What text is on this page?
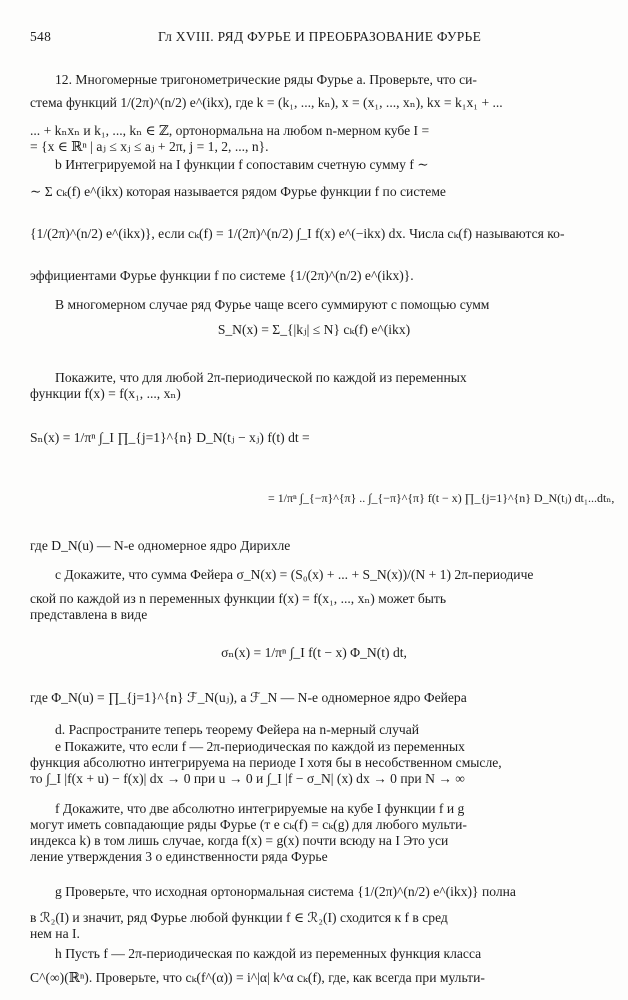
548	Гл XVIII. РЯД ФУРЬЕ И ПРЕОБРАЗОВАНИЕ ФУРЬЕ
12. Многомерные тригонометрические ряды Фурье а. Проверьте, что си-
стема функций 1/(2π)^(n/2) e^(ikx), где k = (k₁, ..., kₙ), x = (x₁, ..., xₙ), kx = k₁x₁ + ...
... + kₙxₙ и k₁, ..., kₙ ∈ ℤ, ортонормальна на любом n-мерном кубе I =
= {x ∈ ℝⁿ | aⱼ ≤ xⱼ ≤ aⱼ + 2π, j = 1, 2, ..., n}.
b Интегрируемой на I функции f сопоставим счетную сумму f ∼
∼ Σ cₖ(f) e^(ikx) которая называется рядом Фурье функции f по системе
{1/(2π)^(n/2) e^(ikx)}, если cₖ(f) = 1/(2π)^(n/2) ∫_I f(x) e^(−ikx) dx. Числа cₖ(f) называются ко-
эффициентами Фурье функции f по системе {1/(2π)^(n/2) e^(ikx)}.
В многомерном случае ряд Фурье чаще всего суммируют с помощью сумм
S_N(x) = Σ_{|kⱼ| ≤ N} cₖ(f) e^(ikx)
Покажите, что для любой 2π-периодической по каждой из переменных
функции f(x) = f(x₁, ..., xₙ)
Sₙ(x) = 1/πⁿ ∫_I ∏_{j=1}^{n} D_N(tⱼ − xⱼ) f(t) dt =
= 1/πⁿ ∫_{−π}^{π} .. ∫_{−π}^{π} f(t − x) ∏_{j=1}^{n} D_N(tⱼ) dt₁...dtₙ,
где D_N(u) — N-е одномерное ядро Дирихле
c Докажите, что сумма Фейера σ_N(x) = (S₀(x) + ... + S_N(x))/(N + 1) 2π-периодиче
ской по каждой из n переменных функции f(x) = f(x₁, ..., xₙ) может быть
представлена в виде
σₙ(x) = 1/πⁿ ∫_I f(t − x) Φ_N(t) dt,
где Φ_N(u) = ∏_{j=1}^{n} ℱ_N(uⱼ), а ℱ_N — N-е одномерное ядро Фейера
d. Распространите теперь теорему Фейера на n-мерный случай
e Покажите, что если f — 2π-периодическая по каждой из переменных
функция абсолютно интегрируема на периоде I хотя бы в несобственном смысле,
то ∫_I |f(x + u) − f(x)| dx → 0 при u → 0 и ∫_I |f − σ_N| (x) dx → 0 при N → ∞
f Докажите, что две абсолютно интегрируемые на кубе I функции f и g
могут иметь совпадающие ряды Фурье (т е cₖ(f) = cₖ(g) для любого мульти-
индекса k) в том лишь случае, когда f(x) = g(x) почти всюду на I Это уси
ление утверждения 3 о единственности ряда Фурье
g Проверьте, что исходная ортонормальная система {1/(2π)^(n/2) e^(ikx)} полна
в ℛ₂(I) и значит, ряд Фурье любой функции f ∈ ℛ₂(I) сходится к f в сред
нем на I.
h Пусть f — 2π-периодическая по каждой из переменных функция класса
C^(∞)(ℝⁿ). Проверьте, что cₖ(f^(α)) = i^|α| k^α cₖ(f), где, как всегда при мульти-
